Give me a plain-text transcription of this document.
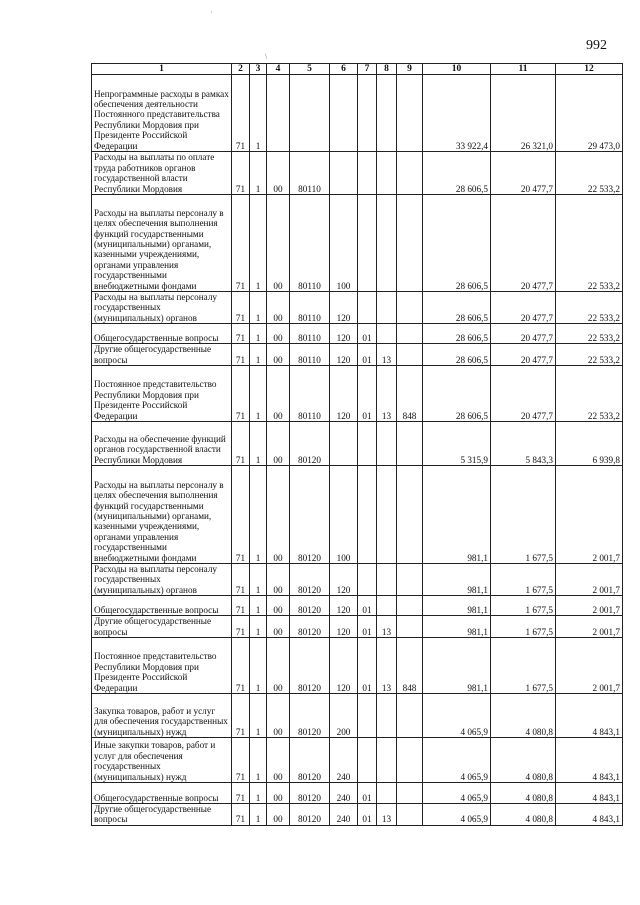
992
·
\
1	2	3	4	5	6	7	8	9	10	11	12
Непрограммные расходы в рамках обеспечения деятельности Постоянного представительства Республики Мордовия при Президенте Российской Федерации	71	1							33 922,4	26 321,0	29 473,0
Расходы на выплаты по оплате труда работников органов государственной власти Республики Мордовия	71	1	00	80110					28 606,5	20 477,7	22 533,2
Расходы на выплаты персоналу в целях обеспечения выполнения функций государственными (муниципальными) органами, казенными учреждениями, органами управления государственными внебюджетными фондами	71	1	00	80110	100				28 606,5	20 477,7	22 533,2
Расходы на выплаты персоналу государственных (муниципальных) органов	71	1	00	80110	120				28 606,5	20 477,7	22 533,2
Общегосударственные вопросы	71	1	00	80110	120	01			28 606,5	20 477,7	22 533,2
Другие общегосударственные вопросы	71	1	00	80110	120	01	13		28 606,5	20 477,7	22 533,2
Постоянное представительство Республики Мордовия при Президенте Российской Федерации	71	1	00	80110	120	01	13	848	28 606,5	20 477,7	22 533,2
Расходы на обеспечение функций органов государственной власти Республики Мордовия	71	1	00	80120					5 315,9	5 843,3	6 939,8
Расходы на выплаты персоналу в целях обеспечения выполнения функций государственными (муниципальными) органами, казенными учреждениями, органами управления государственными внебюджетными фондами	71	1	00	80120	100				981,1	1 677,5	2 001,7
Расходы на выплаты персоналу государственных (муниципальных) органов	71	1	00	80120	120				981,1	1 677,5	2 001,7
Общегосударственные вопросы	71	1	00	80120	120	01			981,1	1 677,5	2 001,7
Другие общегосударственные вопросы	71	1	00	80120	120	01	13		981,1	1 677,5	2 001,7
Постоянное представительство Республики Мордовия при Президенте Российской Федерации	71	1	00	80120	120	01	13	848	981,1	1 677,5	2 001,7
Закупка товаров, работ и услуг для обеспечения государственных (муниципальных) нужд	71	1	00	80120	200				4 065,9	4 080,8	4 843,1
Иные закупки товаров, работ и услуг для обеспечения государственных (муниципальных) нужд	71	1	00	80120	240				4 065,9	4 080,8	4 843,1
Общегосударственные вопросы	71	1	00	80120	240	01			4 065,9	4 080,8	4 843,1
Другие общегосударственные вопросы	71	1	00	80120	240	01	13		4 065,9	4 080,8	4 843,1
